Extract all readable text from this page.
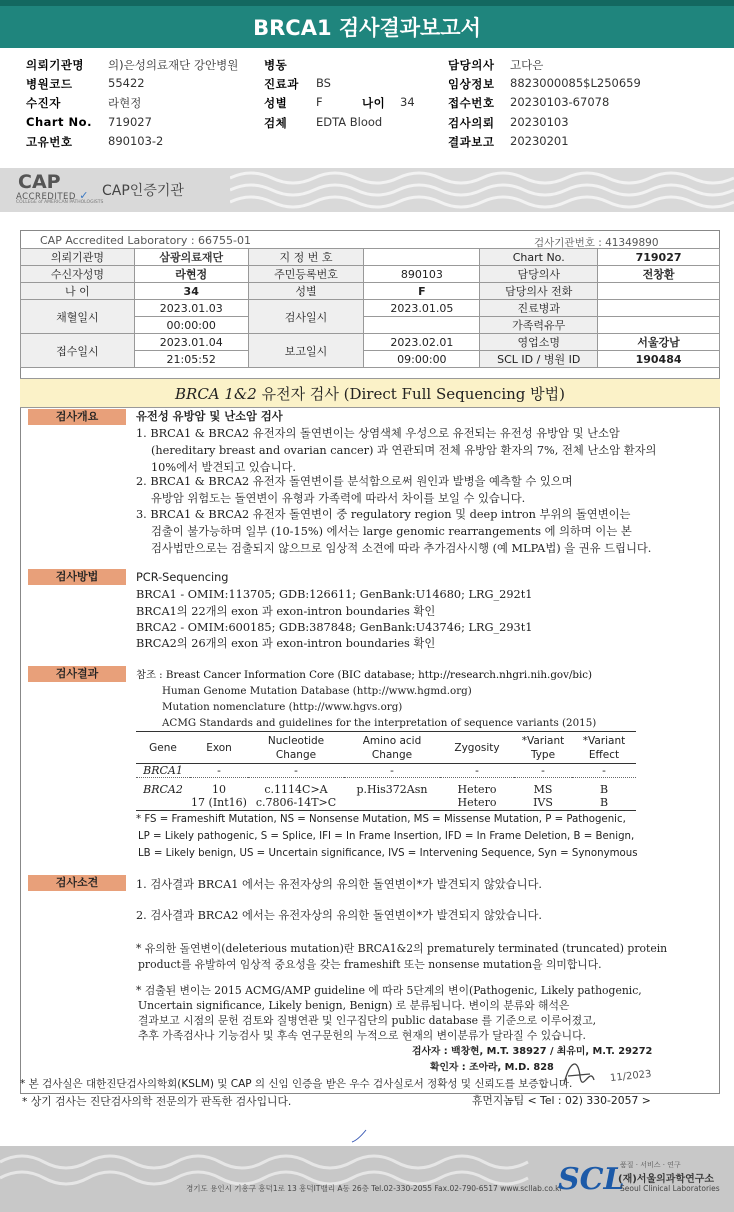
BRCA1 검사결과보고서
의뢰기관명 의)은성의료재단 강안병원
병원코드	55422
수진자	라현정
Chart No. 719027
고유번호	890103-2
병동
진료과 BS
성별	F
검체	EDTA Blood
나이 34
담당의사 고다은
임상정보 8823000085$L250659
접수번호 20230103-67078
검사의뢰 20230103
결과보고 20230201
CAP
ACCREDITED ✓
COLLEGE of AMERICAN PATHOLOGISTS
CAP인증기관
CAP Accredited Laboratory : 66755-01	검사기관번호 : 41349890
의뢰기관명	삼광의료재단	지 정 번 호		Chart No.	719027
수신자성명	라현정	주민등록번호	890103	담당의사	전창환
나 이	34	성별	F	담당의사 전화	
채혈일시	2023.01.03	검사일시	2023.01.05	진료병과	
	00:00:00			가족력유무	
접수일시	2023.01.04	보고일시	2023.02.01	영업소명	서울강남
	21:05:52		09:00:00	SCL ID / 병원 ID	190484
BRCA 1&2 유전자 검사 (Direct Full Sequencing 방법)
검사개요	유전성 유방암 및 난소암 검사
1. BRCA1 & BRCA2 유전자의 돌연변이는 상염색체 우성으로 유전되는 유전성 유방암 및 난소암
(hereditary breast and ovarian cancer) 과 연관되며 전체 유방암 환자의 7%, 전체 난소암 환자의
10%에서 발견되고 있습니다.
2. BRCA1 & BRCA2 유전자 돌연변이를 분석함으로써 원인과 발병을 예측할 수 있으며
유방암 위험도는 돌연변이 유형과 가족력에 따라서 차이를 보일 수 있습니다.
3. BRCA1 & BRCA2 유전자 돌연변이 중 regulatory region 및 deep intron 부위의 돌연변이는
검출이 불가능하며 일부 (10-15%) 에서는 large genomic rearrangements 에 의하며 이는 본
검사법만으로는 검출되지 않으므로 임상적 소견에 따라 추가검사시행 (예 MLPA법) 을 권유 드립니다.
검사방법	PCR-Sequencing
BRCA1 - OMIM:113705; GDB:126611; GenBank:U14680; LRG_292t1
BRCA1의 22개의 exon 과 exon-intron boundaries 확인
BRCA2 - OMIM:600185; GDB:387848; GenBank:U43746; LRG_293t1
BRCA2의 26개의 exon 과 exon-intron boundaries 확인
검사결과	참조 : Breast Cancer Information Core (BIC database; http://research.nhgri.nih.gov/bic)
Human Genome Mutation Database (http://www.hgmd.org)
Mutation nomenclature (http://www.hgvs.org)
ACMG Standards and guidelines for the interpretation of sequence variants (2015)
Gene	Exon	Nucleotide Change	Amino acid Change	Zygosity	*Variant Type	*Variant Effect
BRCA1	-	-	-	-	-	-
BRCA2	10	c.1114C>A	p.His372Asn	Hetero	MS	B
	17 (Int16)	c.7806-14T>C		Hetero	IVS	B
* FS = Frameshift Mutation, NS = Nonsense Mutation, MS = Missense Mutation, P = Pathogenic,
LP = Likely pathogenic, S = Splice, IFI = In Frame Insertion, IFD = In Frame Deletion, B = Benign,
LB = Likely benign, US = Uncertain significance, IVS = Intervening Sequence, Syn = Synonymous
검사소견	1. 검사결과 BRCA1 에서는 유전자상의 유의한 돌연변이*가 발견되지 않았습니다.
2. 검사결과 BRCA2 에서는 유전자상의 유의한 돌연변이*가 발견되지 않았습니다.
* 유의한 돌연변이(deleterious mutation)란 BRCA1&2의 prematurely terminated (truncated) protein
product를 유발하여 임상적 중요성을 갖는 frameshift 또는 nonsense mutation을 의미합니다.
* 검출된 변이는 2015 ACMG/AMP guideline 에 따라 5단계의 변이(Pathogenic, Likely pathogenic,
Uncertain significance, Likely benign, Benign) 로 분류됩니다. 변이의 분류와 해석은
결과보고 시점의 문헌 검토와 질병연관 및 인구집단의 public database 를 기준으로 이루어졌고,
추후 가족검사나 기능검사 및 후속 연구문헌의 누적으로 현재의 변이분류가 달라질 수 있습니다.
검사자 : 백창현, M.T. 38927 / 최유미, M.T. 29272
확인자 : 조아라, M.D. 828
11/2023
* 본 검사실은 대한진단검사의학회(KSLM) 및 CAP 의 신임 인증을 받은 우수 검사실로서 정확성 및 신뢰도를 보증합니다.
* 상기 검사는 진단검사의학 전문의가 판독한 검사입니다.	휴먼지놈팀 < Tel : 02) 330-2057 >
경기도 용인시 기흥구 흥덕1로 13 흥덕IT밸리 A동 26층 Tel.02-330-2055 Fax.02-790-6517 www.scllab.co.kr
SCL
품질 · 서비스 · 연구
(재)서울의과학연구소
Seoul Clinical Laboratories
